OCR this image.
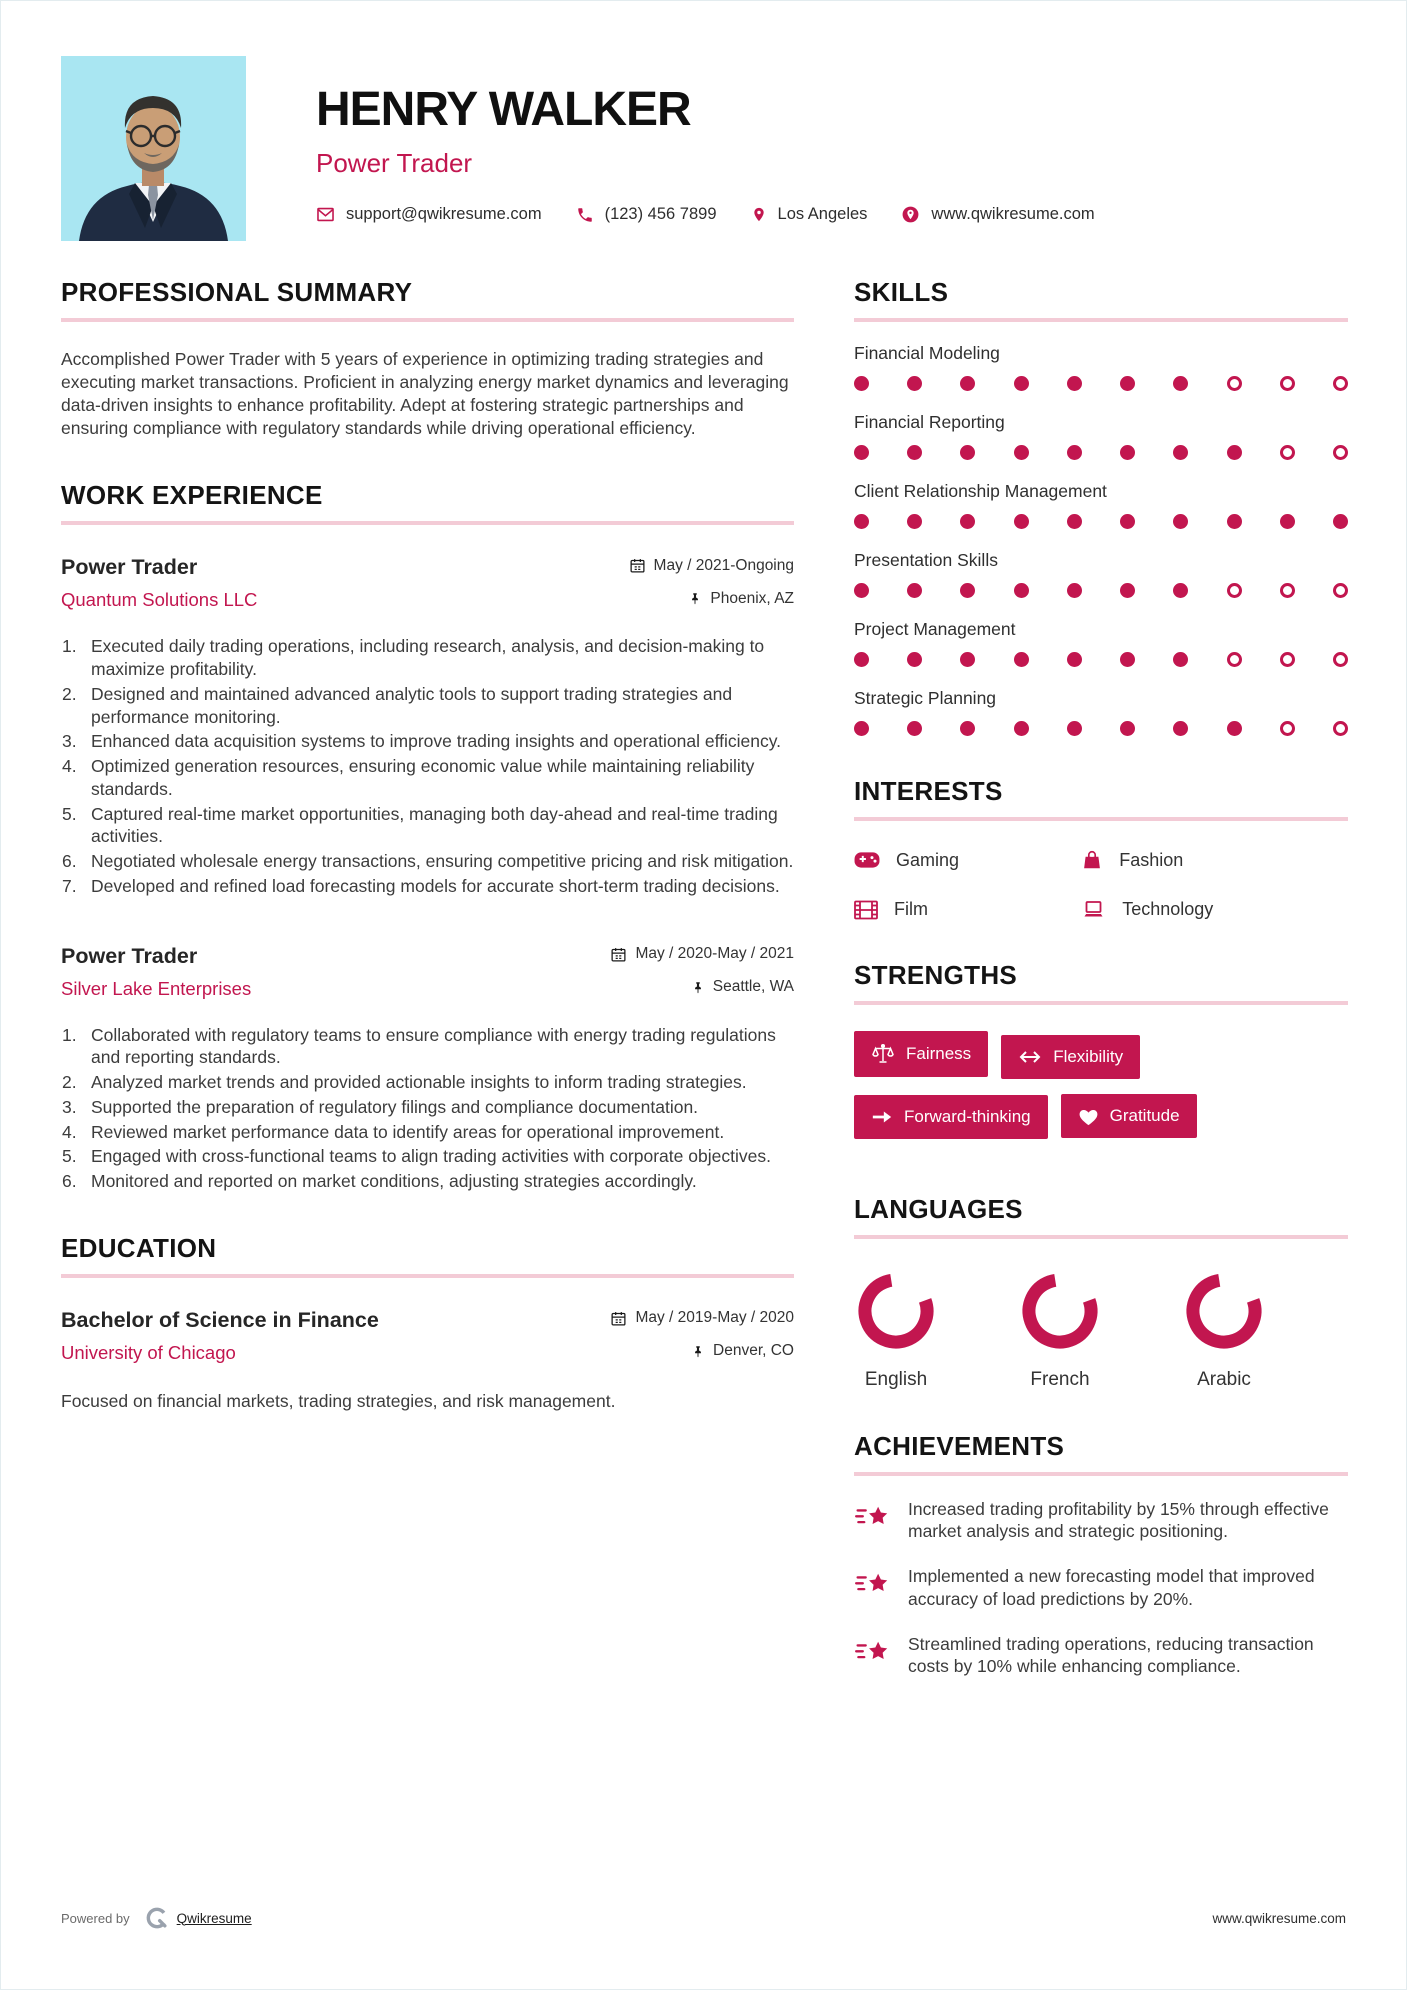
HENRY WALKER
Power Trader
support@qwikresume.com	(123) 456 7899	Los Angeles	www.qwikresume.com
PROFESSIONAL SUMMARY

Accomplished Power Trader with 5 years of experience in optimizing trading strategies and executing market transactions. Proficient in analyzing energy market dynamics and leveraging data-driven insights to enhance profitability. Adept at fostering strategic partnerships and ensuring compliance with regulatory standards while driving operational efficiency.

WORK EXPERIENCE
Power Trader	May / 2021-Ongoing
Quantum Solutions LLC	Phoenix, AZ
Executed daily trading operations, including research, analysis, and decision-making to maximize profitability.
Designed and maintained advanced analytic tools to support trading strategies and performance monitoring.
Enhanced data acquisition systems to improve trading insights and operational efficiency.
Optimized generation resources, ensuring economic value while maintaining reliability standards.
Captured real-time market opportunities, managing both day-ahead and real-time trading activities.
Negotiated wholesale energy transactions, ensuring competitive pricing and risk mitigation.
Developed and refined load forecasting models for accurate short-term trading decisions.
Power Trader	May / 2020-May / 2021
Silver Lake Enterprises	Seattle, WA
Collaborated with regulatory teams to ensure compliance with energy trading regulations and reporting standards.
Analyzed market trends and provided actionable insights to inform trading strategies.
Supported the preparation of regulatory filings and compliance documentation.
Reviewed market performance data to identify areas for operational improvement.
Engaged with cross-functional teams to align trading activities with corporate objectives.
Monitored and reported on market conditions, adjusting strategies accordingly.
EDUCATION
Bachelor of Science in Finance	May / 2019-May / 2020
University of Chicago	Denver, CO

Focused on financial markets, trading strategies, and risk management.

SKILLS
Financial Modeling
Financial Reporting
Client Relationship Management
Presentation Skills
Project Management
Strategic Planning
INTERESTS
Gaming	Fashion
Film	Technology
STRENGTHS
Fairness	Flexibility
Forward-thinking	Gratitude
LANGUAGES
English	French	Arabic
ACHIEVEMENTS

Increased trading profitability by 15% through effective market analysis and strategic positioning.

Implemented a new forecasting model that improved accuracy of load predictions by 20%.

Streamlined trading operations, reducing transaction costs by 10% while enhancing compliance.

Powered by	Qwikresume	www.qwikresume.com
